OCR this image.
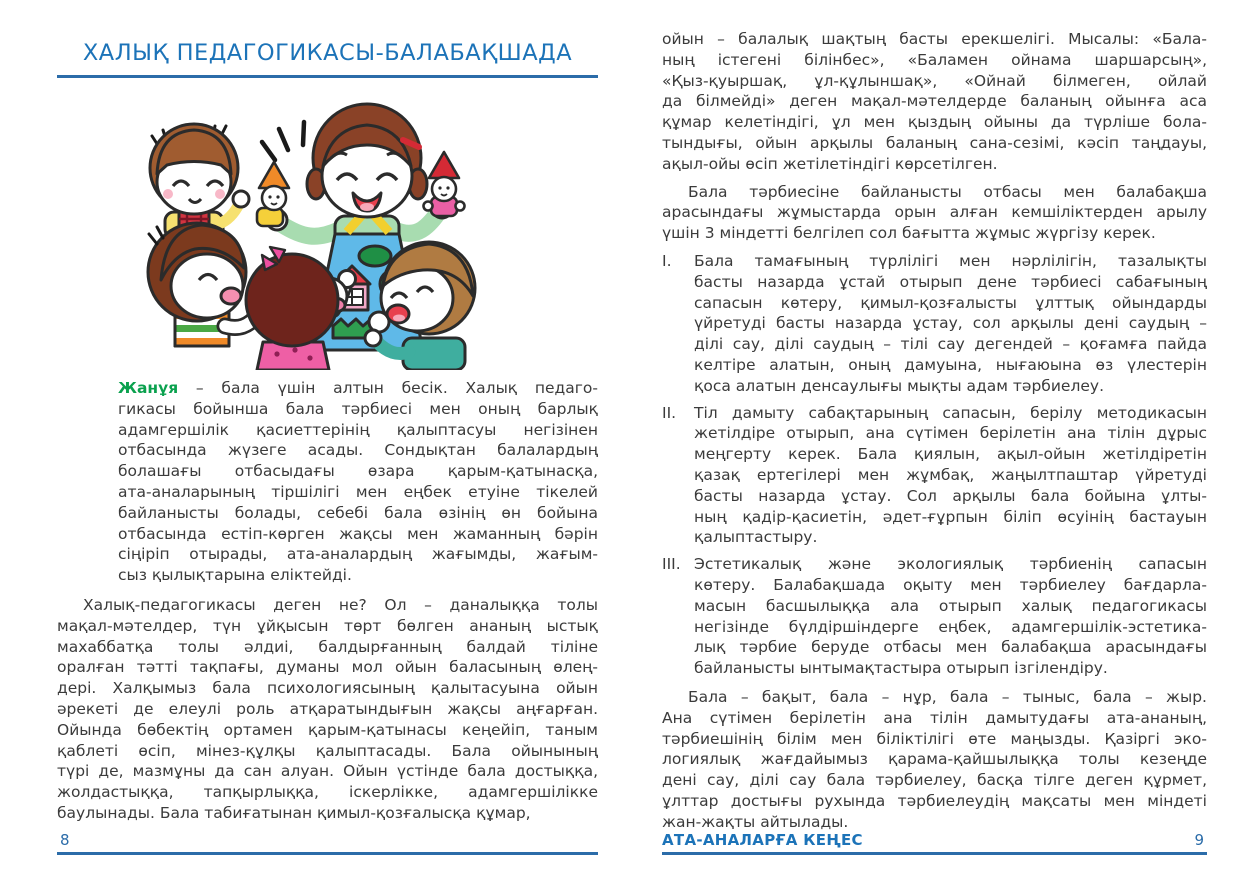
ХАЛЫҚ ПЕДАГОГИКАСЫ-БАЛАБАҚШАДА

Жанұя – бала үшін алтын бесік. Халық педаго-
гикасы бойынша бала тәрбиесі мен оның барлық
адамгершілік қасиеттерінің қалыптасуы негізінен
отбасында жүзеге асады. Сондықтан балалардың
болашағы отбасыдағы өзара қарым-қатынасқа,
ата-аналарының тіршілігі мен еңбек етуіне тікелей
байланысты болады, себебі бала өзінің өн бойына
отбасында естіп-көрген жақсы мен жаманның бәрін
сіңіріп отырады, ата-аналардың жағымды, жағым-
сыз қылықтарына еліктейді.

Халық-педагогикасы деген не? Ол – даналыққа толы
мақал-мәтелдер, түн ұйқысын төрт бөлген ананың ыстық
махаббатқа толы әлдиі, балдырғанның балдай тіліне
оралған тәтті тақпағы, думаны мол ойын баласының өлең-
дері. Халқымыз бала психологиясының қалытасуына ойын
әрекеті де елеулі роль атқаратындығын жақсы аңғарған.
Ойында бөбектің ортамен қарым-қатынасы кеңейіп, таным
қаблеті өсіп, мінез-құлқы қалыптасады. Бала ойынының
түрі де, мазмұны да сан алуан. Ойын үстінде бала достыққа,
жолдастыққа, тапқырлыққа, іскерлікке, адамгершілікке
баулынады. Бала табиғатынан қимыл-қозғалысқа құмар,

8

ойын – балалық шақтың басты ерекшелігі. Мысалы: «Бала-
ның істегені білінбес», «Баламен ойнама шаршарсың»,
«Қыз-қуыршақ, ұл-құлыншақ», «Ойнай білмеген, ойлай
да білмейді» деген мақал-мәтелдерде баланың ойынға аса
құмар келетіндігі, ұл мен қыздың ойыны да түрліше бола-
тындығы, ойын арқылы баланың сана-сезімі, кәсіп таңдауы,
ақыл-ойы өсіп жетілетіндігі көрсетілген.

Бала тәрбиесіне байланысты отбасы мен балабақша
арасындағы жұмыстарда орын алған кемшіліктерден арылу
үшін 3 міндетті белгілеп сол бағытта жұмыс жүргізу керек.

I. Бала тамағының түрлілігі мен нәрлілігін, тазалықты
басты назарда ұстай отырып дене тәрбиесі сабағының
сапасын көтеру, қимыл-қозғалысты ұлттық ойындарды
үйретуді басты назарда ұстау, сол арқылы дені саудың –
ділі сау, ділі саудың – тілі сау дегендей – қоғамға пайда
келтіре алатын, оның дамуына, нығаюына өз үлестерін
қоса алатын денсаулығы мықты адам тәрбиелеу.
II. Тіл дамыту сабақтарының сапасын, берілу методикасын
жетілдіре отырып, ана сүтімен берілетін ана тілін дұрыс
меңгерту керек. Бала қиялын, ақыл-ойын жетілдіретін
қазақ ертегілері мен жұмбақ, жаңылтпаштар үйретуді
басты назарда ұстау. Сол арқылы бала бойына ұлты-
ның қадір-қасиетін, әдет-ғұрпын біліп өсуінің бастауын
қалыптастыру.
III. Эстетикалық және экологиялық тәрбиенің сапасын
көтеру. Балабақшада оқыту мен тәрбиелеу бағдарла-
масын басшылыққа ала отырып халық педагогикасы
негізінде бүлдіршіндерге еңбек, адамгершілік-эстетика-
лық тәрбие беруде отбасы мен балабақша арасындағы
байланысты ынтымақтастыра отырып ізгілендіру.

Бала – бақыт, бала – нұр, бала – тыныс, бала – жыр.
Ана сүтімен берілетін ана тілін дамытудағы ата-ананың,
тәрбиешінің білім мен біліктілігі өте маңызды. Қазіргі эко-
логиялық жағдайымыз қарама-қайшылыққа толы кезеңде
дені сау, ділі сау бала тәрбиелеу, басқа тілге деген құрмет,
ұлттар достығы рухында тәрбиелеудің мақсаты мен міндеті
жан-жақты айтылады.

АТА-АНАЛАРҒА КЕҢЕС	9
